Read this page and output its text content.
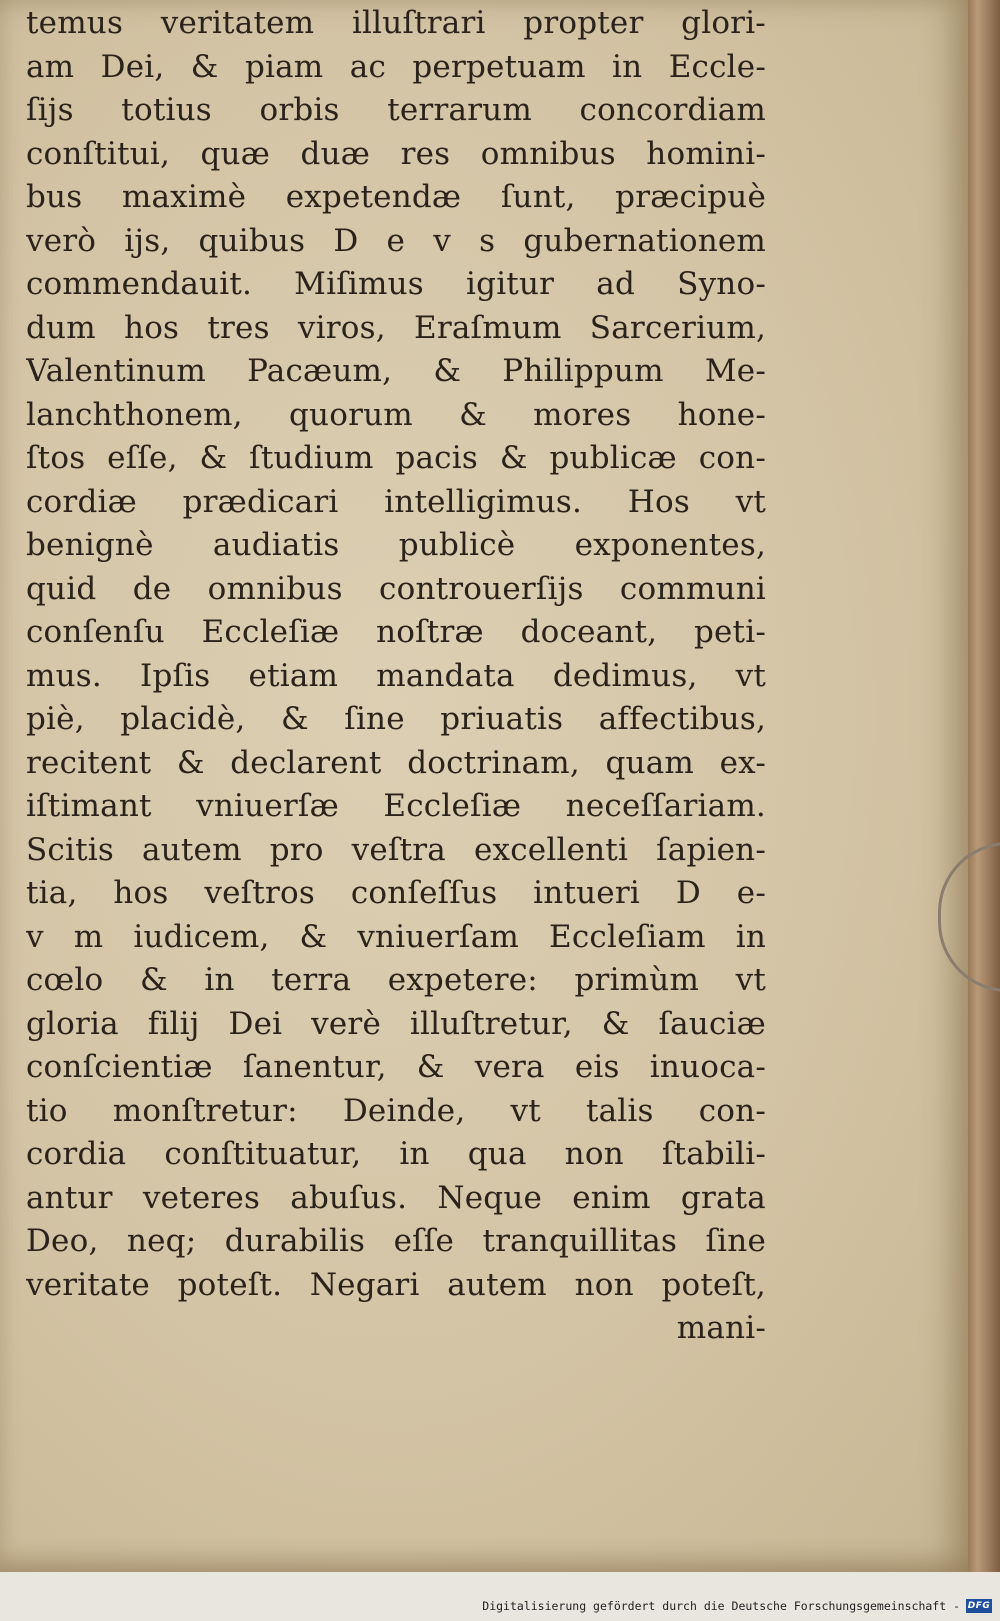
temus veritatem illuſtrari propter glori-
am Dei, & piam ac perpetuam in Eccle-
ſijs totius orbis terrarum concordiam
conſtitui, quæ duæ res omnibus homini-
bus maximè expetendæ ſunt, præcipuè
verò ijs, quibus D e v s gubernationem
commendauit. Miſimus igitur ad Syno-
dum hos tres viros, Eraſmum Sarcerium,
Valentinum Pacæum, & Philippum Me-
lanchthonem, quorum & mores hone-
ſtos eſſe, & ſtudium pacis & publicæ con-
cordiæ prædicari intelligimus. Hos vt
benignè audiatis publicè exponentes,
quid de omnibus controuerſijs communi
conſenſu Eccleſiæ noſtræ doceant, peti-
mus. Ipſis etiam mandata dedimus, vt
piè, placidè, & ſine priuatis affectibus,
recitent & declarent doctrinam, quam ex-
iſtimant vniuerſæ Eccleſiæ neceſſariam.
Scitis autem pro veſtra excellenti ſapien-
tia, hos veſtros conſeſſus intueri D e-
v m iudicem, & vniuerſam Eccleſiam in
cœlo & in terra expetere: primùm vt
gloria filij Dei verè illuſtretur, & ſauciæ
conſcientiæ ſanentur, & vera eis inuoca-
tio monſtretur: Deinde, vt talis con-
cordia conſtituatur, in qua non ſtabili-
antur veteres abuſus. Neque enim grata
Deo, neq; durabilis eſſe tranquillitas ſine
veritate poteſt. Negari autem non poteſt,
mani-
Digitalisierung gefördert durch die Deutsche Forschungsgemeinschaft - DFG
